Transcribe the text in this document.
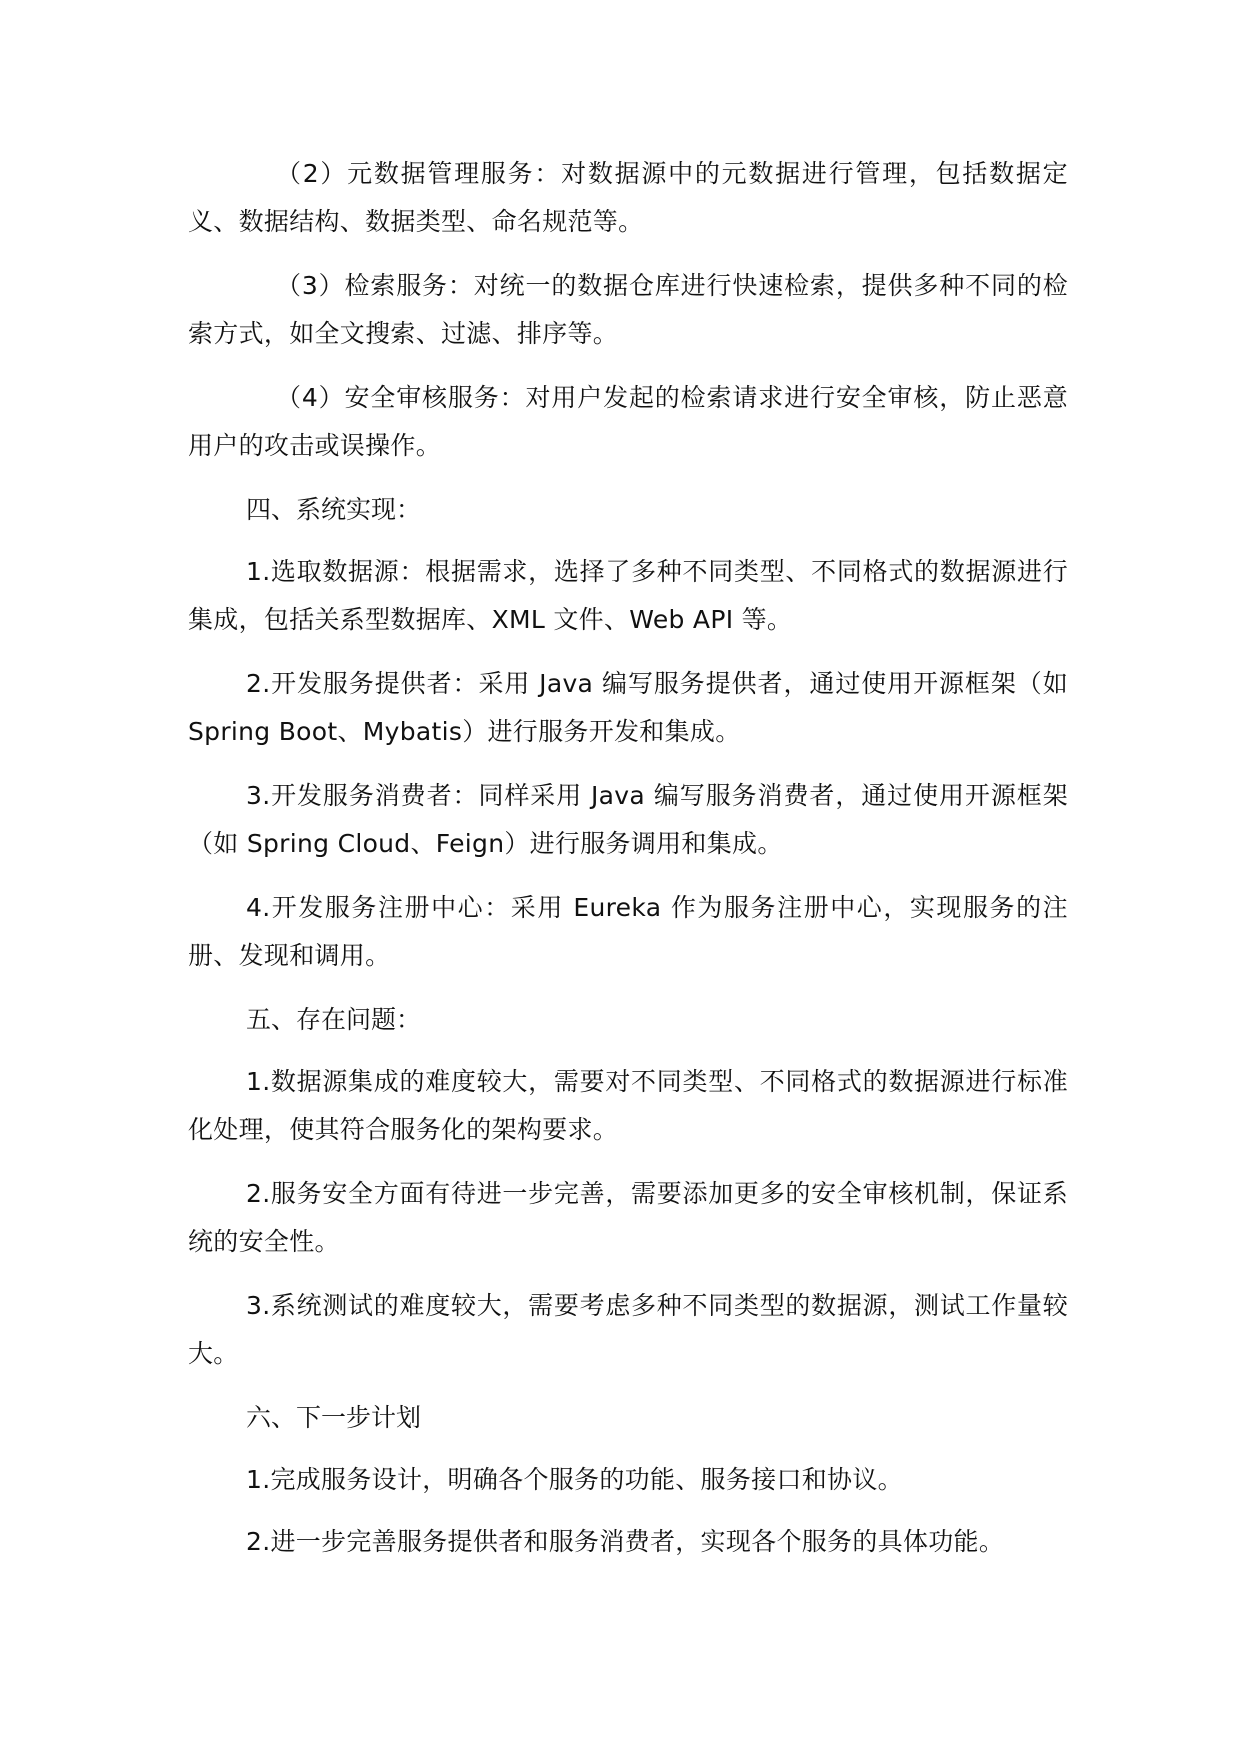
（2）元数据管理服务：对数据源中的元数据进行管理，包括数据定义、数据结构、数据类型、命名规范等。

（3）检索服务：对统一的数据仓库进行快速检索，提供多种不同的检索方式，如全文搜索、过滤、排序等。

（4）安全审核服务：对用户发起的检索请求进行安全审核，防止恶意用户的攻击或误操作。

四、系统实现：

1.选取数据源：根据需求，选择了多种不同类型、不同格式的数据源进行集成，包括关系型数据库、XML 文件、Web API 等。

2.开发服务提供者：采用 Java 编写服务提供者，通过使用开源框架（如 Spring Boot、Mybatis）进行服务开发和集成。

3.开发服务消费者：同样采用 Java 编写服务消费者，通过使用开源框架（如 Spring Cloud、Feign）进行服务调用和集成。

4.开发服务注册中心：采用 Eureka 作为服务注册中心，实现服务的注册、发现和调用。

五、存在问题：

1.数据源集成的难度较大，需要对不同类型、不同格式的数据源进行标准化处理，使其符合服务化的架构要求。

2.服务安全方面有待进一步完善，需要添加更多的安全审核机制，保证系统的安全性。

3.系统测试的难度较大，需要考虑多种不同类型的数据源，测试工作量较大。

六、下一步计划

1.完成服务设计，明确各个服务的功能、服务接口和协议。

2.进一步完善服务提供者和服务消费者，实现各个服务的具体功能。
